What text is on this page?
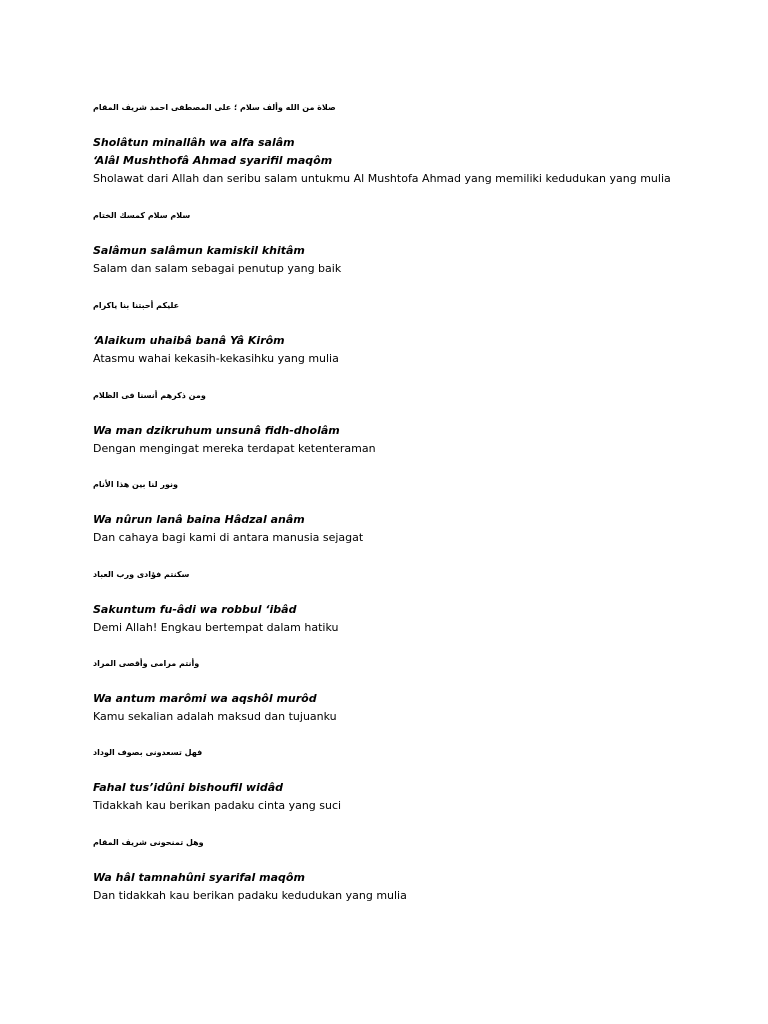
صلاة من الله وألف سلام ؛ على المصطفى احمد شريف المقام
Sholâtun minallâh wa alfa salâm
‘Alâl Mushthofâ Ahmad syarifil maqôm
Sholawat dari Allah dan seribu salam untukmu Al Mushtofa Ahmad yang memiliki kedudukan yang mulia
سلام سلام كمسك الختام
Salâmun salâmun kamiskil khitâm
Salam dan salam sebagai penutup yang baik
عليكم أحبتنا بنا ياكرام
‘Alaikum uhaibâ banâ Yâ Kirôm
Atasmu wahai kekasih-kekasihku yang mulia
ومن ذكرهم أنسنا فى الظلام
Wa man dzikruhum unsunâ fidh-dholâm
Dengan mengingat mereka terdapat ketenteraman
ونور لنا بين هذا الأنام
Wa nûrun lanâ baina Hâdzal anâm
Dan cahaya bagi kami di antara manusia sejagat
سكنتم فؤادى ورب العباد
Sakuntum fu-âdi wa robbul ‘ibâd
Demi Allah! Engkau bertempat dalam hatiku
وأنتم مرامى وأقصى المراد
Wa antum marômi wa aqshôl murôd
Kamu sekalian adalah maksud dan tujuanku
فهل تسعدونى بصوف الوداد
Fahal tus’idûni bishoufil widâd
Tidakkah kau berikan padaku cinta yang suci
وهل تمنحونى شريف المقام
Wa hâl tamnahûni syarifal maqôm
Dan tidakkah kau berikan padaku kedudukan yang mulia
